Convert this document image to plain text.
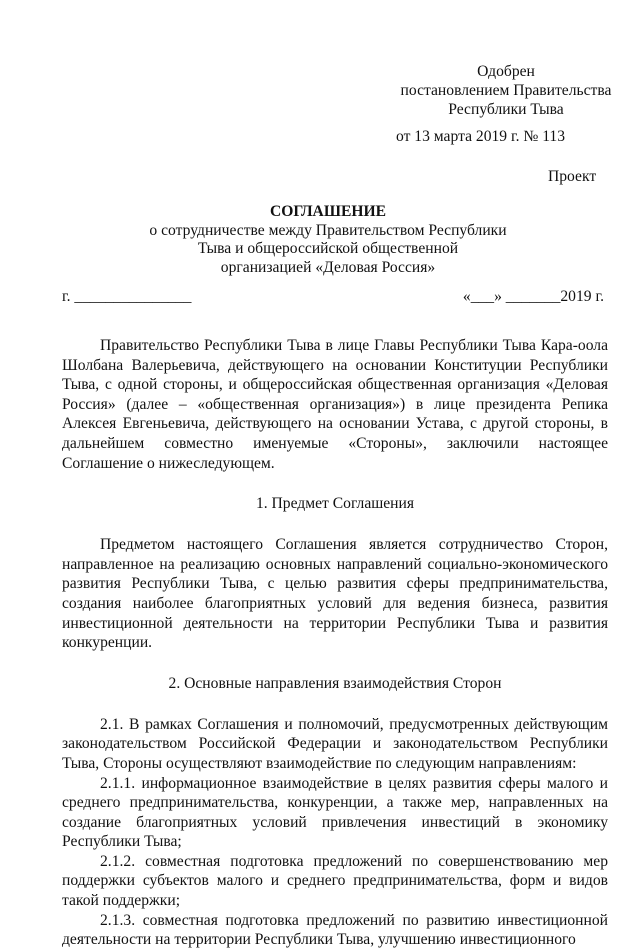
Одобрен
постановлением Правительства
Республики Тыва
от 13 марта 2019 г. № 113
Проект
СОГЛАШЕНИЕ
о сотрудничестве между Правительством Республики
Тыва и общероссийской общественной
организацией «Деловая Россия»
г. _______________	«___» _______2019 г.

Правительство Республики Тыва в лице Главы Республики Тыва Кара-оола Шолбана Валерьевича, действующего на основании Конституции Республики Тыва, с одной стороны, и общероссийская общественная организация «Деловая Россия» (далее – «общественная организация») в лице президента Репика Алексея Евгеньевича, действующего на основании Устава, с другой стороны, в дальнейшем совместно именуемые «Стороны», заключили настоящее Соглашение о нижеследующем.

1. Предмет Соглашения

Предметом настоящего Соглашения является сотрудничество Сторон, направленное на реализацию основных направлений социально-экономического развития Республики Тыва, с целью развития сферы предпринимательства, создания наиболее благоприятных условий для ведения бизнеса, развития инвестиционной деятельности на территории Республики Тыва и развития конкуренции.

2. Основные направления взаимодействия Сторон

2.1. В рамках Соглашения и полномочий, предусмотренных действующим законодательством Российской Федерации и законодательством Республики Тыва, Стороны осуществляют взаимодействие по следующим направлениям:

2.1.1. информационное взаимодействие в целях развития сферы малого и среднего предпринимательства, конкуренции, а также мер, направленных на создание благоприятных условий привлечения инвестиций в экономику Республики Тыва;

2.1.2. совместная подготовка предложений по совершенствованию мер поддержки субъектов малого и среднего предпринимательства, форм и видов такой поддержки;

2.1.3. совместная подготовка предложений по развитию инвестиционной деятельности на территории Республики Тыва, улучшению инвестиционного
